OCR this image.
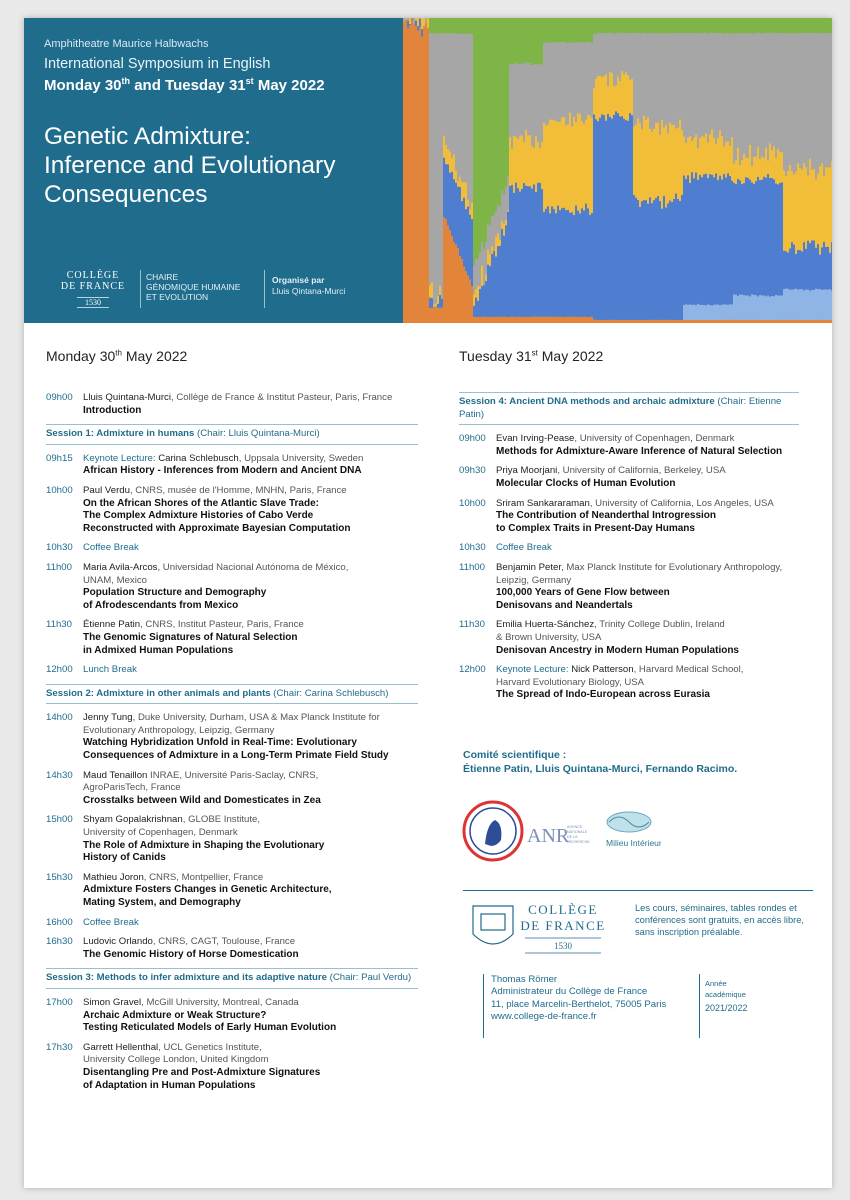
Amphitheatre Maurice Halbwachs
International Symposium in English
Monday 30th and Tuesday 31st May 2022
Genetic Admixture:
Inference and Evolutionary
Consequences
COLLÈGE
DE FRANCE
1530
CHAIRE
GÉNOMIQUE HUMAINE
ET EVOLUTION
Organisé par
Lluis Qintana-Murci
Monday 30th May 2022
09h00	Lluis Quintana-Murci, Collège de France & Institut Pasteur, Paris, France
Introduction
Session 1: Admixture in humans (Chair: Lluis Quintana-Murci)
09h15	Keynote Lecture: Carina Schlebusch, Uppsala University, Sweden
African History - Inferences from Modern and Ancient DNA
10h00	Paul Verdu, CNRS, musée de l'Homme, MNHN, Paris, France
On the African Shores of the Atlantic Slave Trade:
The Complex Admixture Histories of Cabo Verde
Reconstructed with Approximate Bayesian Computation
10h30	Coffee Break
11h00	Maria Avila-Arcos, Universidad Nacional Autónoma de México,
UNAM, Mexico
Population Structure and Demography
of Afrodescendants from Mexico
11h30	Étienne Patin, CNRS, Institut Pasteur, Paris, France
The Genomic Signatures of Natural Selection
in Admixed Human Populations
12h00	Lunch Break
Session 2: Admixture in other animals and plants (Chair: Carina Schlebusch)
14h00	Jenny Tung, Duke University, Durham, USA & Max Planck Institute for
Evolutionary Anthropology, Leipzig, Germany
Watching Hybridization Unfold in Real-Time: Evolutionary
Consequences of Admixture in a Long-Term Primate Field Study
14h30	Maud Tenaillon INRAE, Université Paris-Saclay, CNRS,
AgroParisTech, France
Crosstalks between Wild and Domesticates in Zea
15h00	Shyam Gopalakrishnan, GLOBE Institute,
University of Copenhagen, Denmark
The Role of Admixture in Shaping the Evolutionary
History of Canids
15h30	Mathieu Joron, CNRS, Montpellier, France
Admixture Fosters Changes in Genetic Architecture,
Mating System, and Demography
16h00	Coffee Break
16h30	Ludovic Orlando, CNRS, CAGT, Toulouse, France
The Genomic History of Horse Domestication
Session 3: Methods to infer admixture and its adaptive nature (Chair: Paul Verdu)
17h00	Simon Gravel, McGill University, Montreal, Canada
Archaic Admixture or Weak Structure?
Testing Reticulated Models of Early Human Evolution
17h30	Garrett Hellenthal, UCL Genetics Institute,
University College London, United Kingdom
Disentangling Pre and Post-Admixture Signatures
of Adaptation in Human Populations
Tuesday 31st May 2022
Session 4: Ancient DNA methods and archaic admixture (Chair: Etienne Patin)
09h00	Evan Irving-Pease, University of Copenhagen, Denmark
Methods for Admixture-Aware Inference of Natural Selection
09h30	Priya Moorjani, University of California, Berkeley, USA
Molecular Clocks of Human Evolution
10h00	Sriram Sankararaman, University of California, Los Angeles, USA
The Contribution of Neanderthal Introgression
to Complex Traits in Present-Day Humans
10h30	Coffee Break
11h00	Benjamin Peter, Max Planck Institute for Evolutionary Anthropology,
Leipzig, Germany
100,000 Years of Gene Flow between
Denisovans and Neandertals
11h30	Emilia Huerta-Sánchez, Trinity College Dublin, Ireland
& Brown University, USA
Denisovan Ancestry in Modern Human Populations
12h00	Keynote Lecture: Nick Patterson, Harvard Medical School,
Harvard Evolutionary Biology, USA
The Spread of Indo-European across Eurasia
Comité scientifique :
Étienne Patin, Lluis Quintana-Murci, Fernando Racimo.
ANR
AGENCE
NATIONALE
DE LA
RECHERCHE Milieu Intérieur
COLLÈGE
DE FRANCE
1530
Les cours, séminaires, tables rondes et conférences sont gratuits, en accès libre, sans inscription préalable.
Thomas Römer
Administrateur du Collège de France
11, place Marcelin-Berthelot, 75005 Paris
www.college-de-france.fr
Année
académique
2021/2022
